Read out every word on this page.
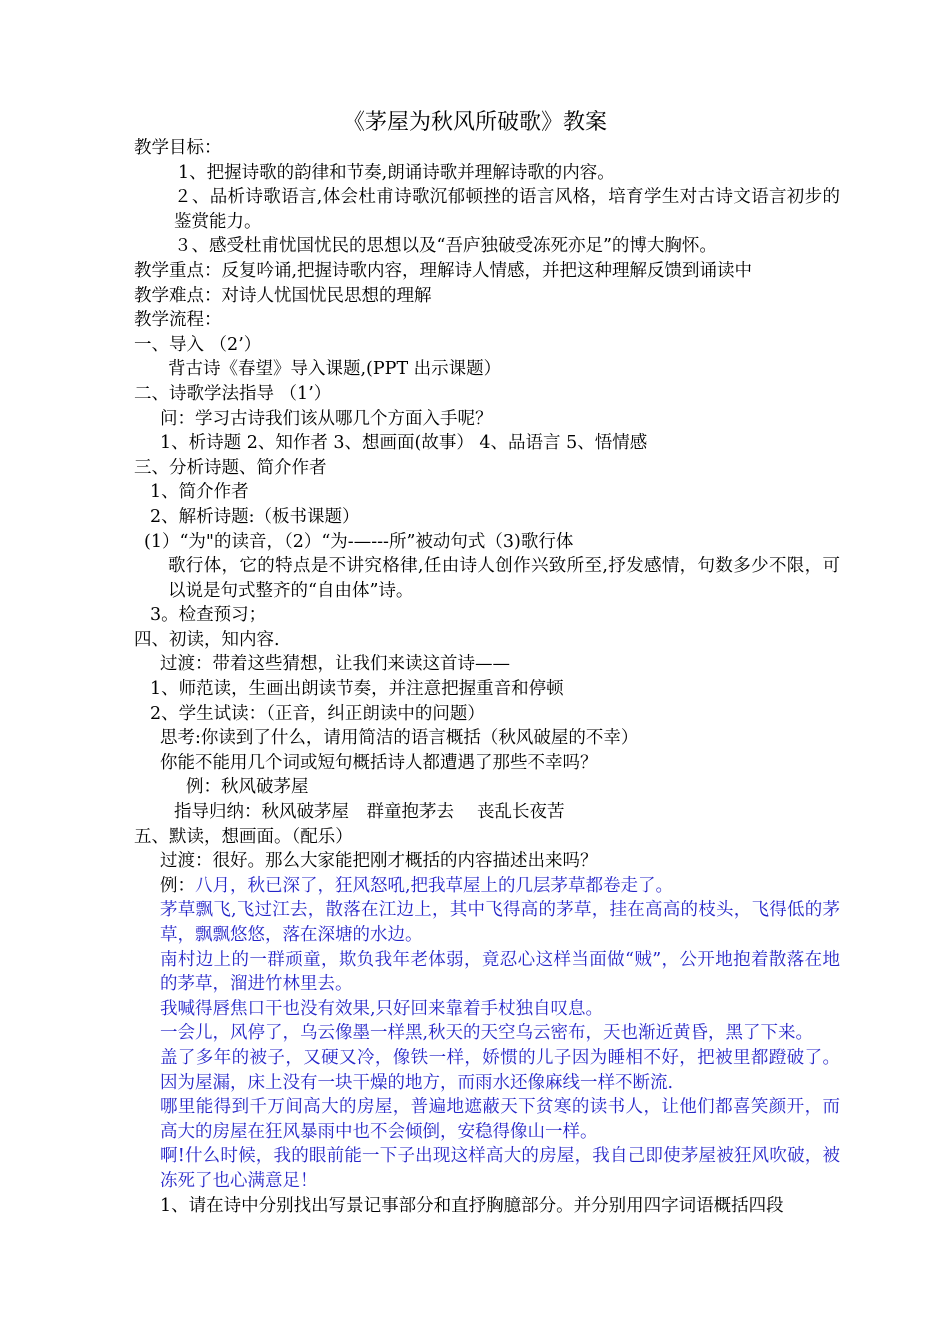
《茅屋为秋风所破歌》教案

教学目标：

1、把握诗歌的韵律和节奏,朗诵诗歌并理解诗歌的内容。

２、品析诗歌语言,体会杜甫诗歌沉郁顿挫的语言风格，培育学生对古诗文语言初步的鉴赏能力。

３、感受杜甫忧国忧民的思想以及“吾庐独破受冻死亦足”的博大胸怀。

教学重点：反复吟诵,把握诗歌内容，理解诗人情感，并把这种理解反馈到诵读中

教学难点：对诗人忧国忧民思想的理解

教学流程：

一、导入 （2’）

背古诗《春望》导入课题,(PPT 出示课题）

二、诗歌学法指导 （1’）

问：学习古诗我们该从哪几个方面入手呢？

1、析诗题 2、知作者 3、想画面(故事） 4、品语言 5、悟情感

三、分析诗题、简介作者

1、简介作者

2、解析诗题:（板书课题）

(1）“为"的读音，（2）“为-—---所”被动句式（3)歌行体

歌行体，它的特点是不讲究格律,任由诗人创作兴致所至,抒发感情，句数多少不限，可以说是句式整齐的“自由体”诗。

3。检查预习；

四、初读，知内容.

过渡：带着这些猜想，让我们来读这首诗——

1、师范读，生画出朗读节奏，并注意把握重音和停顿

2、学生试读：（正音，纠正朗读中的问题）

思考:你读到了什么，请用简洁的语言概括（秋风破屋的不幸）

你能不能用几个词或短句概括诗人都遭遇了那些不幸吗？

例：秋风破茅屋

指导归纳：秋风破茅屋　群童抱茅去　 丧乱长夜苦

五、默读，想画面。（配乐）

过渡：很好。那么大家能把刚才概括的内容描述出来吗？

例：八月，秋已深了，狂风怒吼,把我草屋上的几层茅草都卷走了。

茅草飘飞,飞过江去，散落在江边上，其中飞得高的茅草，挂在高高的枝头，飞得低的茅草，飘飘悠悠，落在深塘的水边。

南村边上的一群顽童，欺负我年老体弱，竟忍心这样当面做“贼”，公开地抱着散落在地的茅草，溜进竹林里去。

我喊得唇焦口干也没有效果,只好回来靠着手杖独自叹息。

一会儿，风停了，乌云像墨一样黑,秋天的天空乌云密布，天也渐近黄昏，黑了下来。

盖了多年的被子，又硬又冷，像铁一样，娇惯的儿子因为睡相不好，把被里都蹬破了。因为屋漏，床上没有一块干燥的地方，而雨水还像麻线一样不断流.

哪里能得到千万间高大的房屋，普遍地遮蔽天下贫寒的读书人，让他们都喜笑颜开，而高大的房屋在狂风暴雨中也不会倾倒，安稳得像山一样。

啊!什么时候，我的眼前能一下子出现这样高大的房屋，我自己即使茅屋被狂风吹破，被冻死了也心满意足！

1、请在诗中分别找出写景记事部分和直抒胸臆部分。并分别用四字词语概括四段
